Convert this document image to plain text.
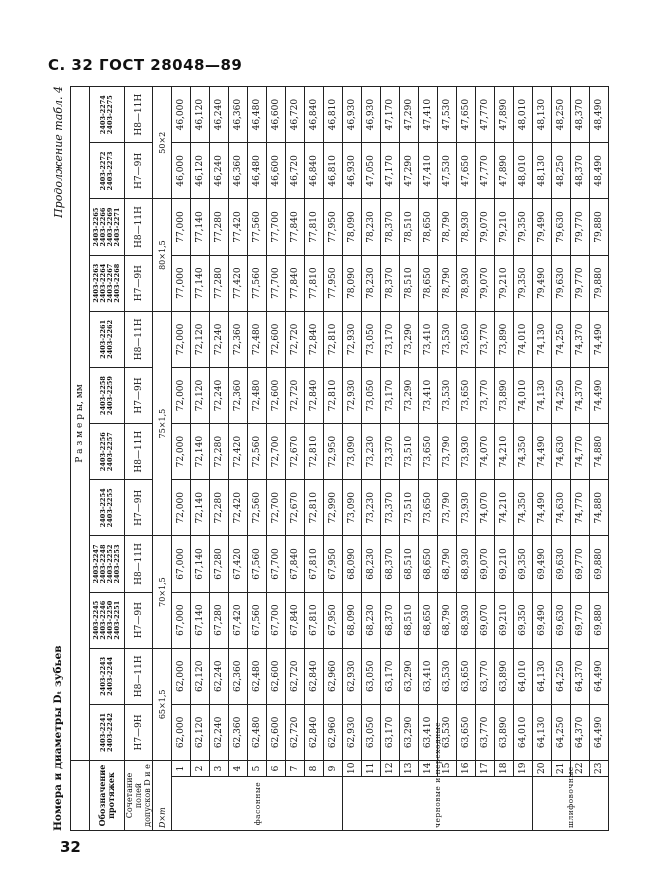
С. 32 ГОСТ 28048—89
32
Номера и диаметры Dₜ зубьев
Продолжение табл. 4
		Р а з м е р ы, мм											
Обозначение протяжек		2403-2241 2403-2242	2403-2243 2403-2244	2403-2245 2403-2246 2403-2250 2403-2251	2403-2247 2403-2248 2403-2252 2403-2253	2403-2254 2403-2255	2403-2256 2403-2257	2403-2258 2403-2259	2403-2261 2403-2262	2403-2263 2403-2264 2403-2267 2403-2268	2403-2265 2403-2266 2403-2269 2403-2271	2403-2272 2403-2273	2403-2274 2403-2275
Сочетание полей допусков D и e		H7—9H	H8—11H	H7—9H	H8—11H	H7—9H	H8—11H	H7—9H	H8—11H	H7—9H	H8—11H	H7—9H	H8—11H
D×m		65×1,5		70×1,5		75×1,5				80×1,5		50×2	
фасонные	1	62,000	62,000	67,000	67,000	72,000	72,000	72,000	72,000	77,000	77,000	46,000	46,000
	2	62,120	62,120	67,140	67,140	72,140	72,140	72,120	72,120	77,140	77,140	46,120	46,120
	3	62,240	62,240	67,280	67,280	72,280	72,280	72,240	72,240	77,280	77,280	46,240	46,240
	4	62,360	62,360	67,420	67,420	72,420	72,420	72,360	72,360	77,420	77,420	46,360	46,360
	5	62,480	62,480	67,560	67,560	72,560	72,560	72,480	72,480	77,560	77,560	46,480	46,480
	6	62,600	62,600	67,700	67,700	72,700	72,700	72,600	72,600	77,700	77,700	46,600	46,600
	7	62,720	62,720	67,840	67,840	72,670	72,670	72,720	72,720	77,840	77,840	46,720	46,720
	8	62,840	62,840	67,810	67,810	72,810	72,810	72,840	72,840	77,810	77,810	46,840	46,840
	9	62,960	62,960	67,950	67,950	72,990	72,950	72,810	72,810	77,950	77,950	46,810	46,810
черновые и переходные	10	62,930	62,930	68,090	68,090	73,090	73,090	72,930	72,930	78,090	78,090	46,930	46,930
	11	63,050	63,050	68,230	68,230	73,230	73,230	73,050	73,050	78,230	78,230	47,050	46,930
	12	63,170	63,170	68,370	68,370	73,370	73,370	73,170	73,170	78,370	78,370	47,170	47,170
	13	63,290	63,290	68,510	68,510	73,510	73,510	73,290	73,290	78,510	78,510	47,290	47,290
	14	63,410	63,410	68,650	68,650	73,650	73,650	73,410	73,410	78,650	78,650	47,410	47,410
	15	63,530	63,530	68,790	68,790	73,790	73,790	73,530	73,530	78,790	78,790	47,530	47,530
	16	63,650	63,650	68,930	68,930	73,930	73,930	73,650	73,650	78,930	78,930	47,650	47,650
	17	63,770	63,770	69,070	69,070	74,070	74,070	73,770	73,770	79,070	79,070	47,770	47,770
	18	63,890	63,890	69,210	69,210	74,210	74,210	73,890	73,890	79,210	79,210	47,890	47,890
	19	64,010	64,010	69,350	69,350	74,350	74,350	74,010	74,010	79,350	79,350	48,010	48,010
шлифовочные	20	64,130	64,130	69,490	69,490	74,490	74,490	74,130	74,130	79,490	79,490	48,130	48,130
	21	64,250	64,250	69,630	69,630	74,630	74,630	74,250	74,250	79,630	79,630	48,250	48,250
	22	64,370	64,370	69,770	69,770	74,770	74,770	74,370	74,370	79,770	79,770	48,370	48,370
	23	64,490	64,490	69,880	69,880	74,880	74,880	74,490	74,490	79,880	79,880	48,490	48,490
